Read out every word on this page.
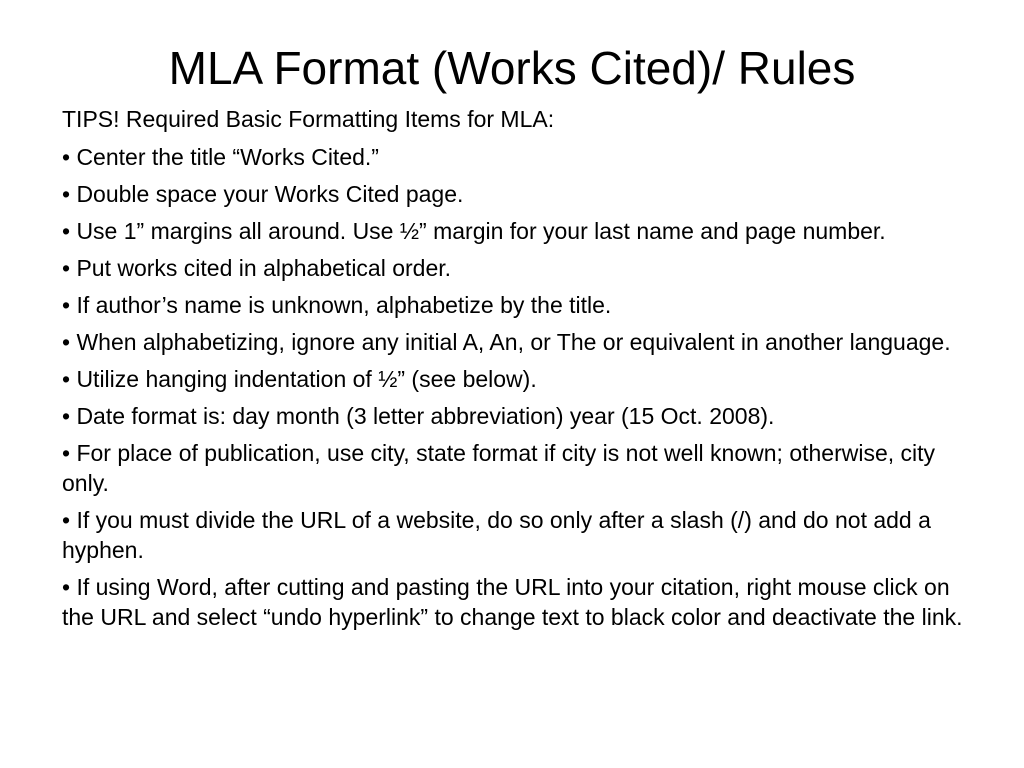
MLA Format (Works Cited)/ Rules

TIPS! Required Basic Formatting Items for MLA:

• Center the title “Works Cited.”
• Double space your Works Cited page.
• Use 1” margins all around. Use ½” margin for your last name and page number.
• Put works cited in alphabetical order.
• If author’s name is unknown, alphabetize by the title.
• When alphabetizing, ignore any initial A, An, or The or equivalent in another language.
• Utilize hanging indentation of ½” (see below).
• Date format is: day month (3 letter abbreviation) year (15 Oct. 2008).
• For place of publication, use city, state format if city is not well known; otherwise, city only.
• If you must divide the URL of a website, do so only after a slash (/) and do not add a hyphen.
• If using Word, after cutting and pasting the URL into your citation, right mouse click on the URL and select “undo hyperlink” to change text to black color and deactivate the link.
